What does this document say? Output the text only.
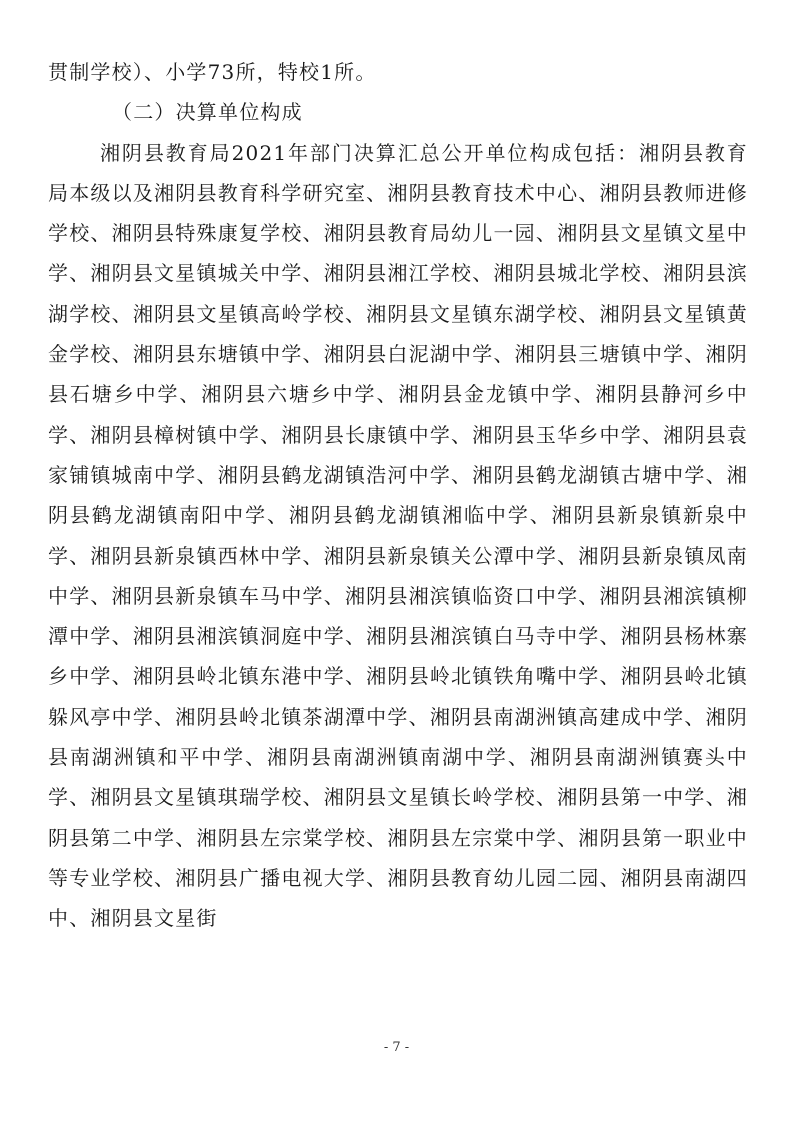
贯制学校）、小学73所，特校1所。

（二）决算单位构成

湘阴县教育局2021年部门决算汇总公开单位构成包括：湘阴县教育局本级以及湘阴县教育科学研究室、湘阴县教育技术中心、湘阴县教师进修学校、湘阴县特殊康复学校、湘阴县教育局幼儿一园、湘阴县文星镇文星中学、湘阴县文星镇城关中学、湘阴县湘江学校、湘阴县城北学校、湘阴县滨湖学校、湘阴县文星镇高岭学校、湘阴县文星镇东湖学校、湘阴县文星镇黄金学校、湘阴县东塘镇中学、湘阴县白泥湖中学、湘阴县三塘镇中学、湘阴县石塘乡中学、湘阴县六塘乡中学、湘阴县金龙镇中学、湘阴县静河乡中学、湘阴县樟树镇中学、湘阴县长康镇中学、湘阴县玉华乡中学、湘阴县袁家铺镇城南中学、湘阴县鹤龙湖镇浩河中学、湘阴县鹤龙湖镇古塘中学、湘阴县鹤龙湖镇南阳中学、湘阴县鹤龙湖镇湘临中学、湘阴县新泉镇新泉中学、湘阴县新泉镇西林中学、湘阴县新泉镇关公潭中学、湘阴县新泉镇凤南中学、湘阴县新泉镇车马中学、湘阴县湘滨镇临资口中学、湘阴县湘滨镇柳潭中学、湘阴县湘滨镇洞庭中学、湘阴县湘滨镇白马寺中学、湘阴县杨林寨乡中学、湘阴县岭北镇东港中学、湘阴县岭北镇铁角嘴中学、湘阴县岭北镇躲风亭中学、湘阴县岭北镇茶湖潭中学、湘阴县南湖洲镇高建成中学、湘阴县南湖洲镇和平中学、湘阴县南湖洲镇南湖中学、湘阴县南湖洲镇赛头中学、湘阴县文星镇琪瑞学校、湘阴县文星镇长岭学校、湘阴县第一中学、湘阴县第二中学、湘阴县左宗棠学校、湘阴县左宗棠中学、湘阴县第一职业中等专业学校、湘阴县广播电视大学、湘阴县教育幼儿园二园、湘阴县南湖四中、湘阴县文星街

- 7 -
